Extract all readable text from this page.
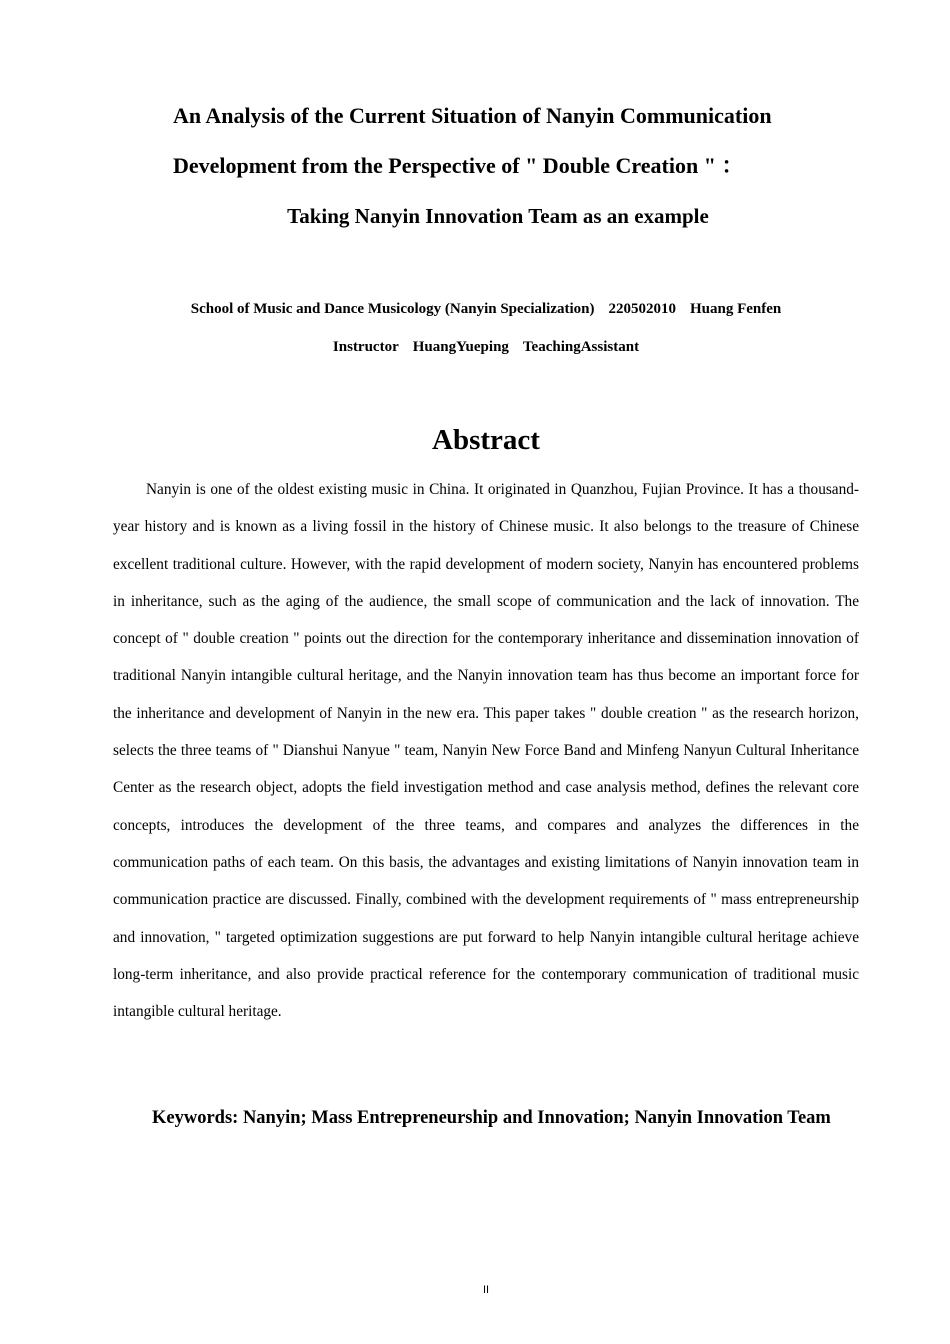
An Analysis of the Current Situation of Nanyin Communication
Development from the Perspective of " Double Creation " ：
Taking Nanyin Innovation Team as an example
School of Music and Dance Musicology (Nanyin Specialization) 220502010 Huang Fenfen
Instructor HuangYueping TeachingAssistant
Abstract

Nanyin is one of the oldest existing music in China. It originated in Quanzhou, Fujian Province. It has a thousand-year history and is known as a living fossil in the history of Chinese music. It also belongs to the treasure of Chinese excellent traditional culture. However, with the rapid development of modern society, Nanyin has encountered problems in inheritance, such as the aging of the audience, the small scope of communication and the lack of innovation. The concept of " double creation " points out the direction for the contemporary inheritance and dissemination innovation of traditional Nanyin intangible cultural heritage, and the Nanyin innovation team has thus become an important force for the inheritance and development of Nanyin in the new era. This paper takes " double creation " as the research horizon, selects the three teams of " Dianshui Nanyue " team, Nanyin New Force Band and Minfeng Nanyun Cultural Inheritance Center as the research object, adopts the field investigation method and case analysis method, defines the relevant core concepts, introduces the development of the three teams, and compares and analyzes the differences in the communication paths of each team. On this basis, the advantages and existing limitations of Nanyin innovation team in communication practice are discussed. Finally, combined with the development requirements of " mass entrepreneurship and innovation, " targeted optimization suggestions are put forward to help Nanyin intangible cultural heritage achieve long-term inheritance, and also provide practical reference for the contemporary communication of traditional music intangible cultural heritage.

Keywords: Nanyin; Mass Entrepreneurship and Innovation; Nanyin Innovation Team
II
